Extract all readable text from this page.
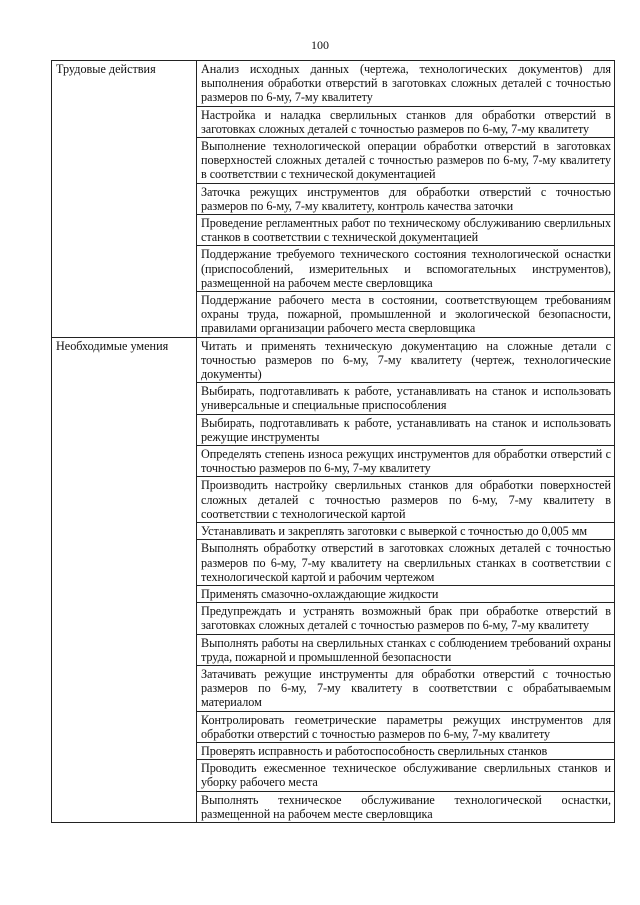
100
Трудовые действия	Анализ исходных данных (чертежа, технологических документов) для выполнения обработки отверстий в заготовках сложных деталей с точностью размеров по 6-му, 7-му квалитету
	Настройка и наладка сверлильных станков для обработки отверстий в заготовках сложных деталей с точностью размеров по 6-му, 7-му квалитету
	Выполнение технологической операции обработки отверстий в заготовках поверхностей сложных деталей с точностью размеров по 6-му, 7-му квалитету в соответствии с технической документацией
	Заточка режущих инструментов для обработки отверстий с точностью размеров по 6-му, 7-му квалитету, контроль качества заточки
	Проведение регламентных работ по техническому обслуживанию сверлильных станков в соответствии с технической документацией
	Поддержание требуемого технического состояния технологической оснастки (приспособлений, измерительных и вспомогательных инструментов), размещенной на рабочем месте сверловщика
	Поддержание рабочего места в состоянии, соответствующем требованиям охраны труда, пожарной, промышленной и экологической безопасности, правилами организации рабочего места сверловщика
Необходимые умения	Читать и применять техническую документацию на сложные детали с точностью размеров по 6-му, 7-му квалитету (чертеж, технологические документы)
	Выбирать, подготавливать к работе, устанавливать на станок и использовать универсальные и специальные приспособления
	Выбирать, подготавливать к работе, устанавливать на станок и использовать режущие инструменты
	Определять степень износа режущих инструментов для обработки отверстий с точностью размеров по 6-му, 7-му квалитету
	Производить настройку сверлильных станков для обработки поверхностей сложных деталей с точностью размеров по 6-му, 7-му квалитету в соответствии с технологической картой
	Устанавливать и закреплять заготовки с выверкой с точностью до 0,005 мм
	Выполнять обработку отверстий в заготовках сложных деталей с точностью размеров по 6-му, 7-му квалитету на сверлильных станках в соответствии с технологической картой и рабочим чертежом
	Применять смазочно-охлаждающие жидкости
	Предупреждать и устранять возможный брак при обработке отверстий в заготовках сложных деталей с точностью размеров по 6-му, 7-му квалитету
	Выполнять работы на сверлильных станках с соблюдением требований охраны труда, пожарной и промышленной безопасности
	Затачивать режущие инструменты для обработки отверстий с точностью размеров по 6-му, 7-му квалитету в соответствии с обрабатываемым материалом
	Контролировать геометрические параметры режущих инструментов для обработки отверстий с точностью размеров по 6-му, 7-му квалитету
	Проверять исправность и работоспособность сверлильных станков
	Проводить ежесменное техническое обслуживание сверлильных станков и уборку рабочего места
	Выполнять техническое обслуживание технологической оснастки, размещенной на рабочем месте сверловщика
